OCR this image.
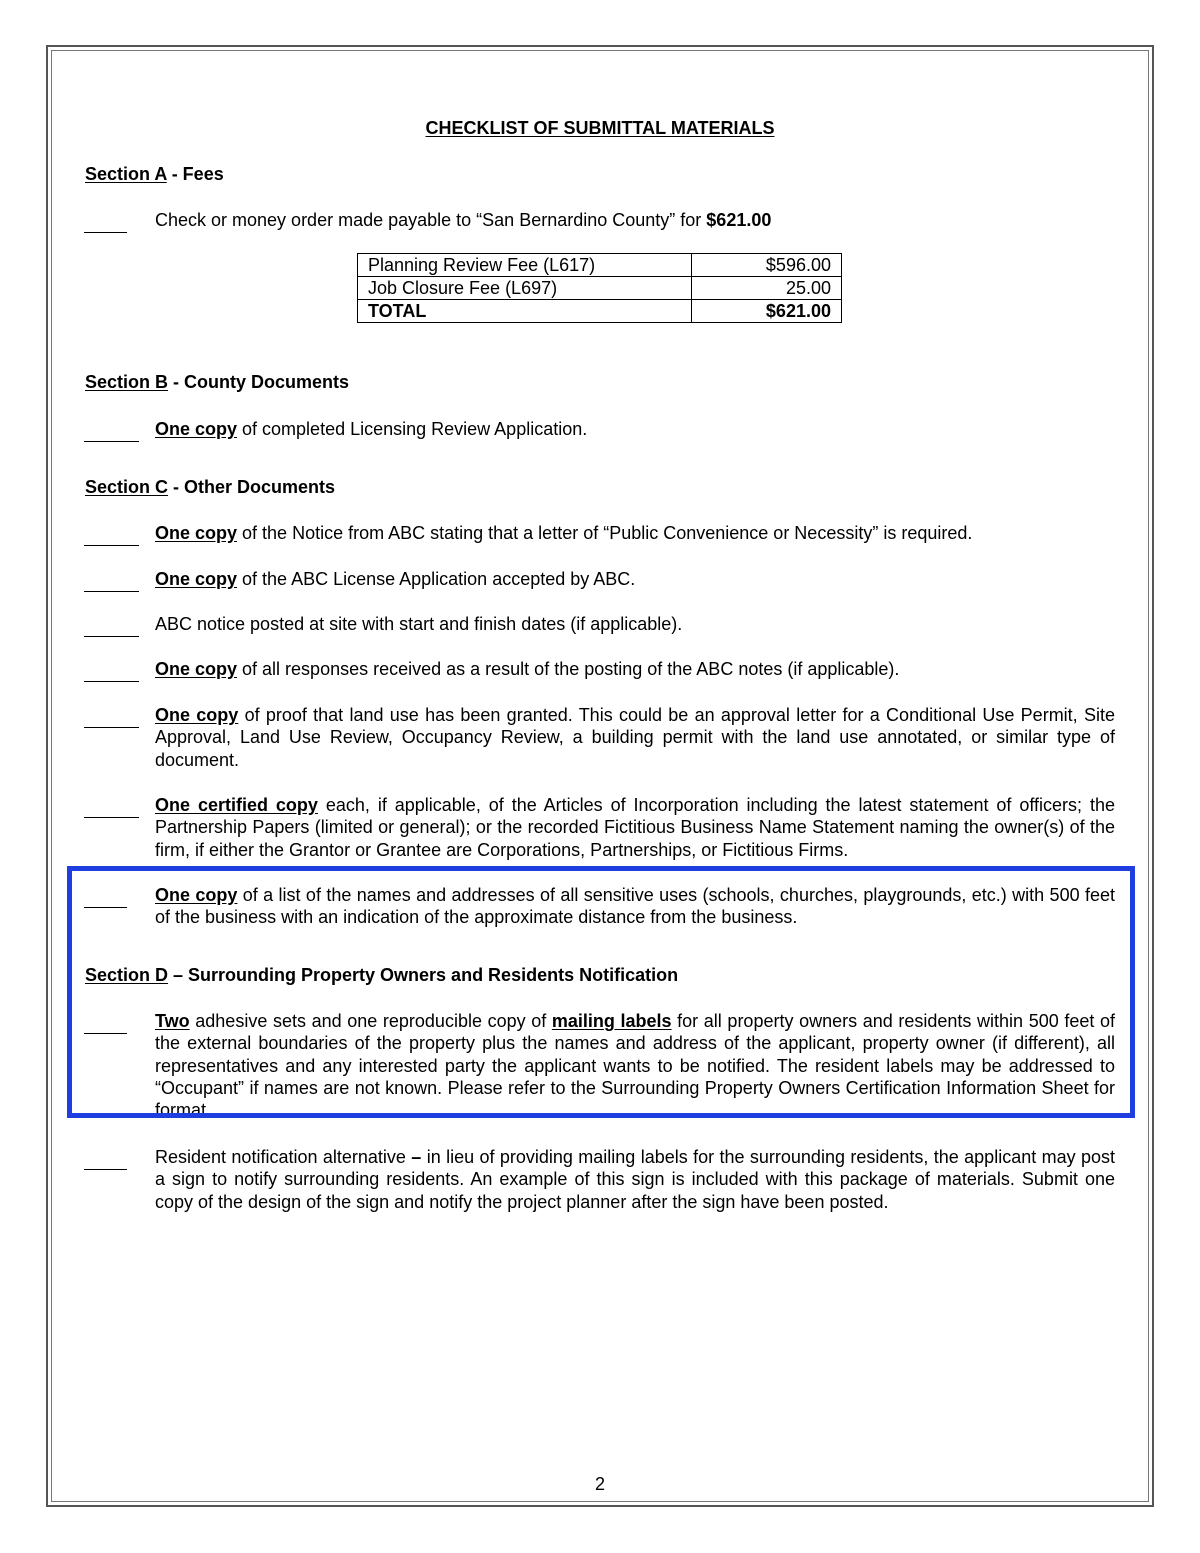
CHECKLIST OF SUBMITTAL MATERIALS
Section A - Fees
Check or money order made payable to “San Bernardino County” for $621.00
Planning Review Fee (L617)	$596.00
Job Closure Fee (L697)	25.00
TOTAL	$621.00
Section B - County Documents
One copy of completed Licensing Review Application.
Section C - Other Documents
One copy of the Notice from ABC stating that a letter of “Public Convenience or Necessity” is required.
One copy of the ABC License Application accepted by ABC.
ABC notice posted at site with start and finish dates (if applicable).
One copy of all responses received as a result of the posting of the ABC notes (if applicable).
One copy of proof that land use has been granted. This could be an approval letter for a Conditional Use Permit, Site Approval, Land Use Review, Occupancy Review, a building permit with the land use annotated, or similar type of document.
One certified copy each, if applicable, of the Articles of Incorporation including the latest statement of officers; the Partnership Papers (limited or general); or the recorded Fictitious Business Name Statement naming the owner(s) of the firm, if either the Grantor or Grantee are Corporations, Partnerships, or Fictitious Firms.
One copy of a list of the names and addresses of all sensitive uses (schools, churches, playgrounds, etc.) with 500 feet of the business with an indication of the approximate distance from the business.
Section D – Surrounding Property Owners and Residents Notification
Two adhesive sets and one reproducible copy of mailing labels for all property owners and residents within 500 feet of the external boundaries of the property plus the names and address of the applicant, property owner (if different), all representatives and any interested party the applicant wants to be notified. The resident labels may be addressed to “Occupant” if names are not known. Please refer to the Surrounding Property Owners Certification Information Sheet for format.
Resident notification alternative – in lieu of providing mailing labels for the surrounding residents, the applicant may post a sign to notify surrounding residents. An example of this sign is included with this package of materials. Submit one copy of the design of the sign and notify the project planner after the sign have been posted.
2
